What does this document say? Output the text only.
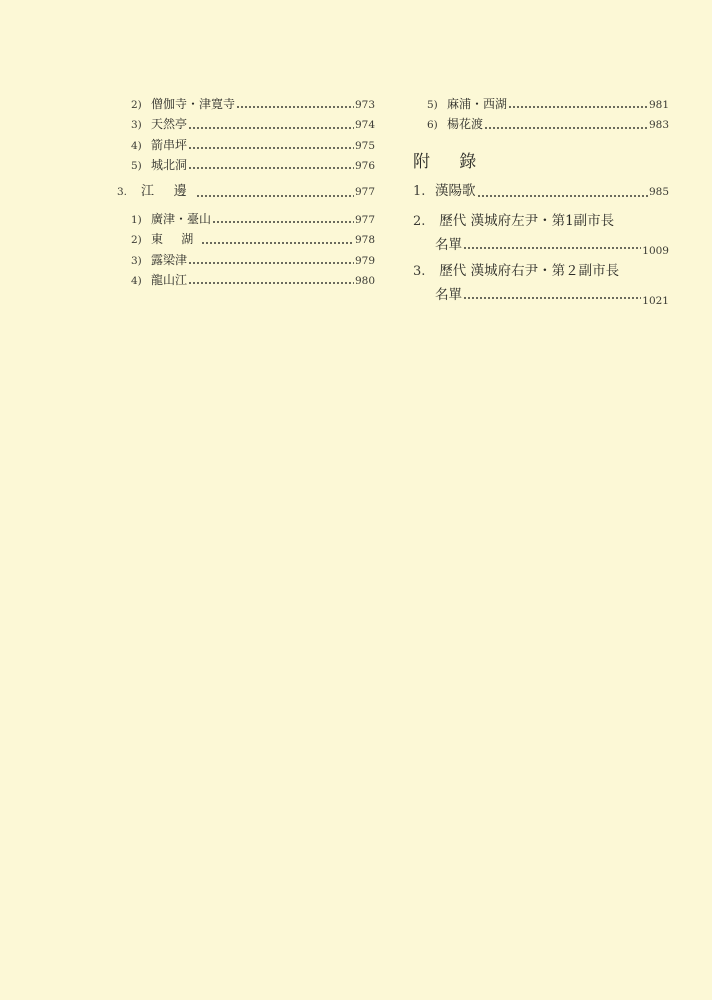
2) 僧伽寺・津寛寺	973
3) 天然亭	974
4) 箭串坪	975
5) 城北洞	976
3.	江 邊	977
1) 廣津・臺山	977
2) 東 湖	978
3) 露梁津	979
4) 龍山江	980
5) 麻浦・西湖	981
6) 楊花渡	983
附 錄
1. 漢陽歌	985
2. 歷代 漢城府左尹・第1副市長
名單	1009
3. 歷代 漢城府右尹・第２副市長
名單	1021
